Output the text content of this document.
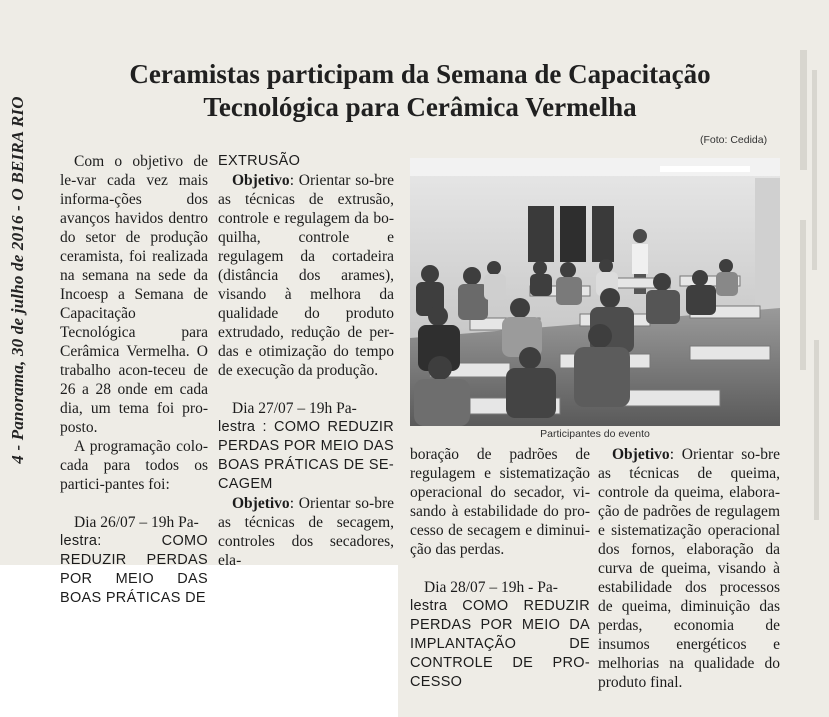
4 - Panorama, 30 de julho de 2016 - O BEIRA RIO
Ceramistas participam da Semana de Capacitação
Tecnológica para Cerâmica Vermelha
(Foto: Cedida)

Com o objetivo de le-var cada vez mais informa-ções dos avanços havidos dentro do setor de produção ceramista, foi realizada na semana na sede da Incoesp a Semana de Capacitação Tecnológica para Cerâmica Vermelha. O trabalho acon-teceu de 26 a 28 onde em cada dia, um tema foi pro-posto.

A programação colo-cada para todos os partici-pantes foi:

Dia 26/07 – 19h Pa-

lestra: COMO REDUZIR PERDAS POR MEIO DAS BOAS PRÁTICAS DE

EXTRUSÃO

Objetivo: Orientar so-bre as técnicas de extrusão, controle e regulagem da bo-quilha, controle e regulagem da cortadeira (distância dos arames), visando à melhora da qualidade do produto extrudado, redução de per-das e otimização do tempo de execução da produção.

Dia 27/07 – 19h Pa-

lestra : COMO REDUZIR PERDAS POR MEIO DAS BOAS PRÁTICAS DE SE-CAGEM

Objetivo: Orientar so-bre as técnicas de secagem, controles dos secadores, ela-

Participantes do evento

boração de padrões de regulagem e sistematização operacional do secador, vi-sando à estabilidade do pro-cesso de secagem e diminui-ção das perdas.

Dia 28/07 – 19h - Pa-

lestra COMO REDUZIR PERDAS POR MEIO DA IMPLANTAÇÃO DE CONTROLE DE PRO-CESSO

Objetivo: Orientar so-bre as técnicas de queima, controle da queima, elabora-ção de padrões de regulagem e sistematização operacional dos fornos, elaboração da curva de queima, visando à estabilidade dos processos de queima, diminuição das perdas, economia de insumos energéticos e melhorias na qualidade do produto final.
